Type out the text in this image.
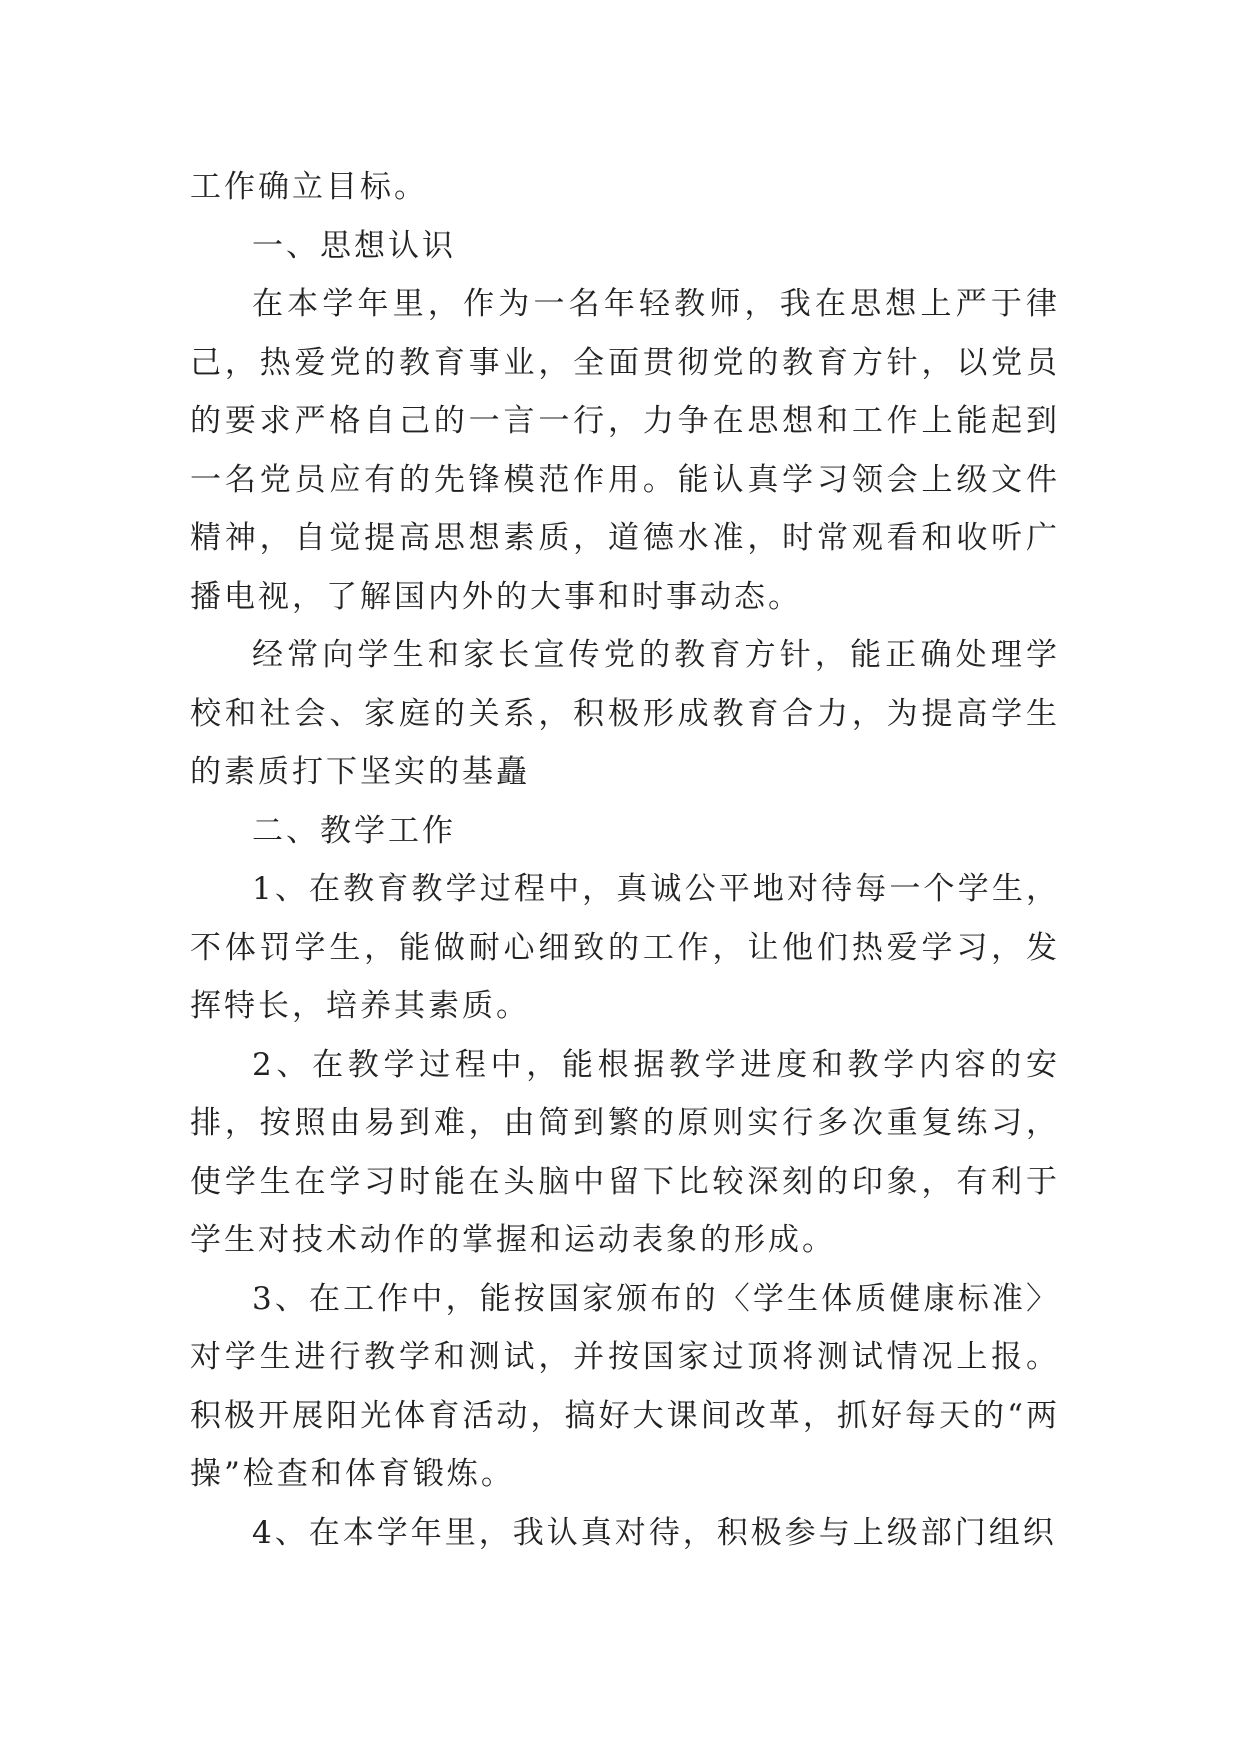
工作确立目标。

一、思想认识

在本学年里，作为一名年轻教师，我在思想上严于律己，热爱党的教育事业，全面贯彻党的教育方针，以党员的要求严格自己的一言一行，力争在思想和工作上能起到一名党员应有的先锋模范作用。能认真学习领会上级文件精神，自觉提高思想素质，道德水准，时常观看和收听广播电视，了解国内外的大事和时事动态。

经常向学生和家长宣传党的教育方针，能正确处理学校和社会、家庭的关系，积极形成教育合力，为提高学生的素质打下坚实的基矗

二、教学工作

1、在教育教学过程中，真诚公平地对待每一个学生，不体罚学生，能做耐心细致的工作，让他们热爱学习，发挥特长，培养其素质。

2、在教学过程中，能根据教学进度和教学内容的安排，按照由易到难，由简到繁的原则实行多次重复练习，使学生在学习时能在头脑中留下比较深刻的印象，有利于学生对技术动作的掌握和运动表象的形成。

3、在工作中，能按国家颁布的〈学生体质健康标准〉对学生进行教学和测试，并按国家过顶将测试情况上报。积极开展阳光体育活动，搞好大课间改革，抓好每天的“两操”检查和体育锻炼。

4、在本学年里，我认真对待，积极参与上级部门组织
